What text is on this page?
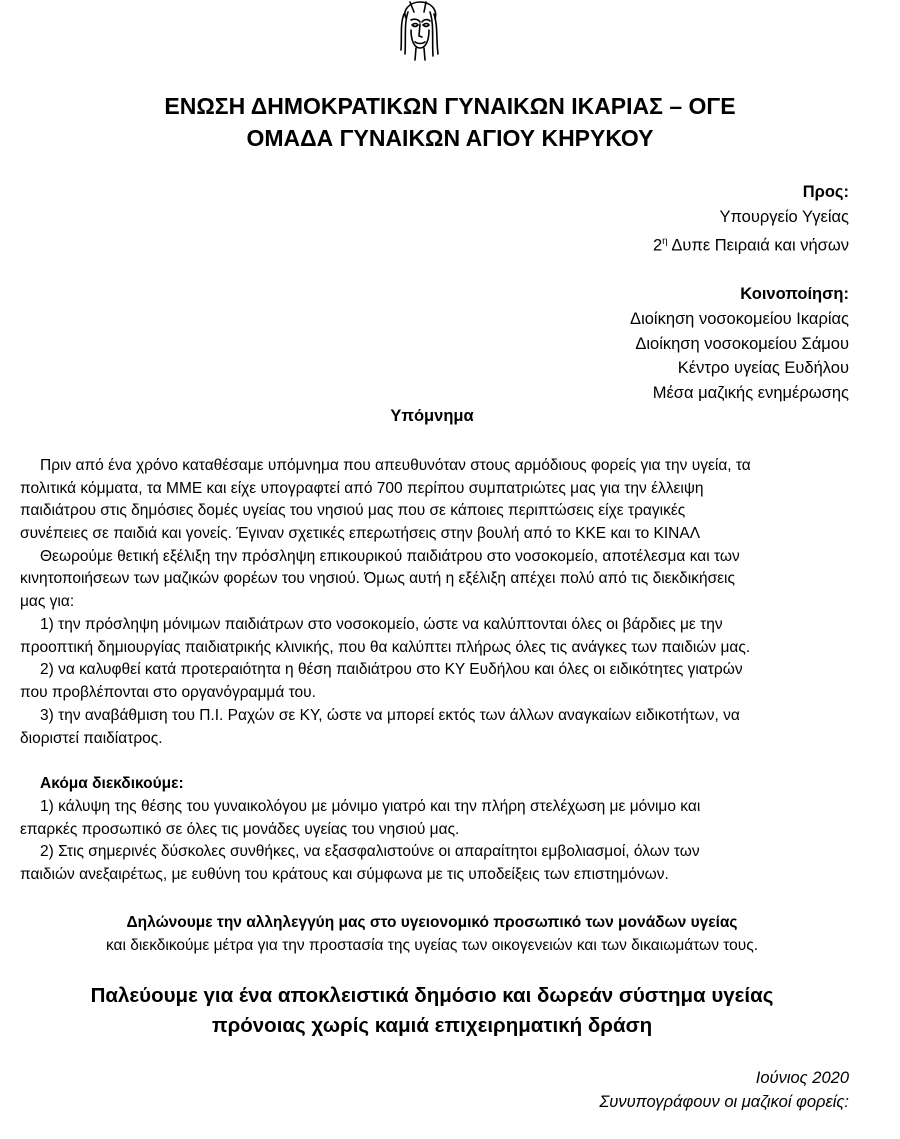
ΕΝΩΣΗ ΔΗΜΟΚΡΑΤΙΚΩΝ ΓΥΝΑΙΚΩΝ ΙΚΑΡΙΑΣ – ΟΓΕ
ΟΜΑΔΑ ΓΥΝΑΙΚΩΝ ΑΓΙΟΥ ΚΗΡΥΚΟΥ
Προς:
Υπουργείο Υγείας
$2^\eta$ Δυπε Πειραιά και νήσων
Κοινοποίηση:
Διοίκηση νοσοκομείου Ικαρίας
Διοίκηση νοσοκομείου Σάμου
Κέντρο υγείας Ευδήλου
Μέσα μαζικής ενημέρωσης
Υπόμνημα
Πριν από ένα χρόνο καταθέσαμε υπόμνημα που απευθυνόταν στους αρμόδιους φορείς για την υγεία, τα
πολιτικά κόμματα, τα ΜΜΕ και είχε υπογραφτεί από 700 περίπου συμπατριώτες μας για την έλλειψη
παιδιάτρου στις δημόσιες δομές υγείας του νησιού μας που σε κάποιες περιπτώσεις είχε τραγικές
συνέπειες σε παιδιά και γονείς. Έγιναν σχετικές επερωτήσεις στην βουλή από το ΚΚΕ και το ΚΙΝΑΛ
Θεωρούμε θετική εξέλιξη την πρόσληψη επικουρικού παιδιάτρου στο νοσοκομείο, αποτέλεσμα και των
κινητοποιήσεων των μαζικών φορέων του νησιού. Όμως αυτή η εξέλιξη απέχει πολύ από τις διεκδικήσεις
μας για:
1) την πρόσληψη μόνιμων παιδιάτρων στο νοσοκομείο, ώστε να καλύπτονται όλες οι βάρδιες με την
προοπτική δημιουργίας παιδιατρικής κλινικής, που θα καλύπτει πλήρως όλες τις ανάγκες των παιδιών μας.
2) να καλυφθεί κατά προτεραιότητα η θέση παιδιάτρου στο ΚΥ Ευδήλου και όλες οι ειδικότητες γιατρών
που προβλέπονται στο οργανόγραμμά του.
3) την αναβάθμιση του Π.Ι. Ραχών σε ΚΥ, ώστε να μπορεί εκτός των άλλων αναγκαίων ειδικοτήτων, να
διοριστεί παιδίατρος.
Ακόμα διεκδικούμε:
1) κάλυψη της θέσης του γυναικολόγου με μόνιμο γιατρό και την πλήρη στελέχωση με μόνιμο και
επαρκές προσωπικό σε όλες τις μονάδες υγείας του νησιού μας.
2) Στις σημερινές δύσκολες συνθήκες, να εξασφαλιστούνε οι απαραίτητοι εμβολιασμοί, όλων των
παιδιών ανεξαιρέτως, με ευθύνη του κράτους και σύμφωνα με τις υποδείξεις των επιστημόνων.
Δηλώνουμε την αλληλεγγύη μας στο υγειονομικό προσωπικό των μονάδων υγείας
και διεκδικούμε μέτρα για την προστασία της υγείας των οικογενειών και των δικαιωμάτων τους.
Παλεύουμε για ένα αποκλειστικά δημόσιο και δωρεάν σύστημα υγείας
πρόνοιας χωρίς καμιά επιχειρηματική δράση
Ιούνιος 2020
Συνυπογράφουν οι μαζικοί φορείς:
